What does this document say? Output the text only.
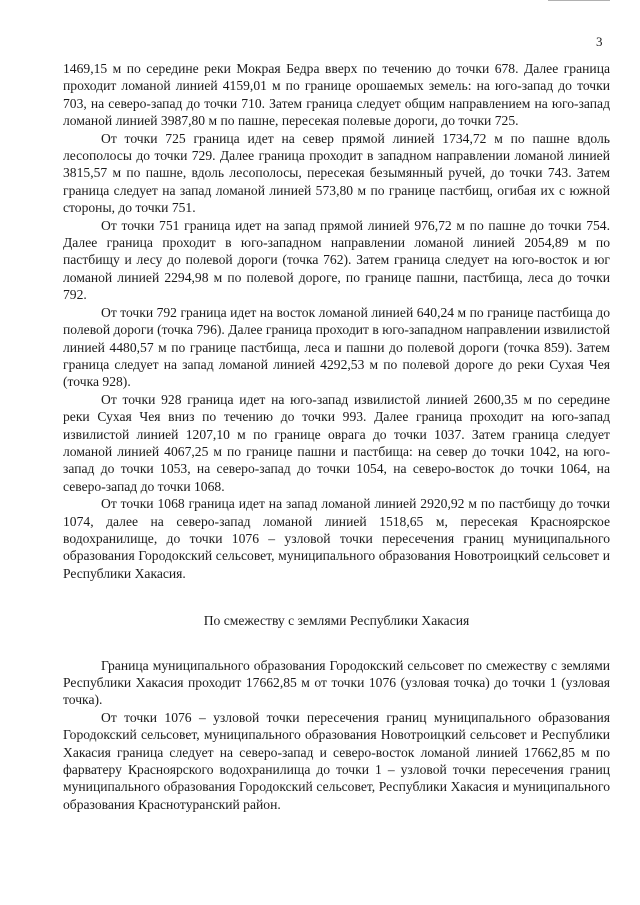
3

1469,15 м по середине реки Мокрая Бедра вверх по течению до точки 678. Далее граница проходит ломаной линией 4159,01 м по границе орошаемых земель: на юго-запад до точки 703, на северо-запад до точки 710. Затем граница следует общим направлением на юго-запад ломаной линией 3987,80 м по пашне, пересекая полевые дороги, до точки 725.

От точки 725 граница идет на север прямой линией 1734,72 м по пашне вдоль лесополосы до точки 729. Далее граница проходит в западном направлении ломаной линией 3815,57 м по пашне, вдоль лесополосы, пересекая безымянный ручей, до точки 743. Затем граница следует на запад ломаной линией 573,80 м по границе пастбищ, огибая их с южной стороны, до точки 751.

От точки 751 граница идет на запад прямой линией 976,72 м по пашне до точки 754. Далее граница проходит в юго-западном направлении ломаной линией 2054,89 м по пастбищу и лесу до полевой дороги (точка 762). Затем граница следует на юго-восток и юг ломаной линией 2294,98 м по полевой дороге, по границе пашни, пастбища, леса до точки 792.

От точки 792 граница идет на восток ломаной линией 640,24 м по границе пастбища до полевой дороги (точка 796). Далее граница проходит в юго-западном направлении извилистой линией 4480,57 м по границе пастбища, леса и пашни до полевой дороги (точка 859). Затем граница следует на запад ломаной линией 4292,53 м по полевой дороге до реки Сухая Чея (точка 928).

От точки 928 граница идет на юго-запад извилистой линией 2600,35 м по середине реки Сухая Чея вниз по течению до точки 993. Далее граница проходит на юго-запад извилистой линией 1207,10 м по границе оврага до точки 1037. Затем граница следует ломаной линией 4067,25 м по границе пашни и пастбища: на север до точки 1042, на юго-запад до точки 1053, на северо-запад до точки 1054, на северо-восток до точки 1064, на северо-запад до точки 1068.

От точки 1068 граница идет на запад ломаной линией 2920,92 м по пастбищу до точки 1074, далее на северо-запад ломаной линией 1518,65 м, пересекая Красноярское водохранилище, до точки 1076 – узловой точки пересечения границ муниципального образования Городокский сельсовет, муниципального образования Новотроицкий сельсовет и Республики Хакасия.

По смежеству с землями Республики Хакасия

Граница муниципального образования Городокский сельсовет по смежеству с землями Республики Хакасия проходит 17662,85 м от точки 1076 (узловая точка) до точки 1 (узловая точка).

От точки 1076 – узловой точки пересечения границ муниципального образования Городокский сельсовет, муниципального образования Новотроицкий сельсовет и Республики Хакасия граница следует на северо-запад и северо-восток ломаной линией 17662,85 м по фарватеру Красноярского водохранилища до точки 1 – узловой точки пересечения границ муниципального образования Городокский сельсовет, Республики Хакасия и муниципального образования Краснотуранский район.
